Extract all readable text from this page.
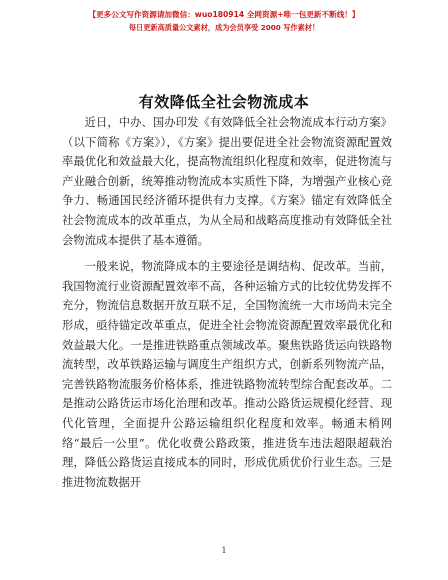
【更多公文写作资源请加微信：wuo180914 全网资源+唯一包更新不断线！】
每日更新高质量公文素材，成为会员享受 2000 写作素材！
有效降低全社会物流成本

近日，中办、国办印发《有效降低全社会物流成本行动方案》（以下简称《方案》），《方案》提出要促进全社会物流资源配置效率最优化和效益最大化，提高物流组织化程度和效率，促进物流与产业融合创新，统筹推动物流成本实质性下降，为增强产业核心竞争力、畅通国民经济循环提供有力支撑。《方案》锚定有效降低全社会物流成本的改革重点，为从全局和战略高度推动有效降低全社会物流成本提供了基本遵循。

一般来说，物流降成本的主要途径是调结构、促改革。当前，我国物流行业资源配置效率不高，各种运输方式的比较优势发挥不充分，物流信息数据开放互联不足，全国物流统一大市场尚未完全形成，亟待锚定改革重点，促进全社会物流资源配置效率最优化和效益最大化。一是推进铁路重点领域改革。聚焦铁路货运向铁路物流转型，改革铁路运输与调度生产组织方式，创新系列物流产品，完善铁路物流服务价格体系，推进铁路物流转型综合配套改革。二是推动公路货运市场化治理和改革。推动公路货运规模化经营、现代化管理，全面提升公路运输组织化程度和效率。畅通末梢网络“最后一公里”。优化收费公路政策，推进货车违法超限超载治理，降低公路货运直接成本的同时，形成优质优价行业生态。三是推进物流数据开

1
